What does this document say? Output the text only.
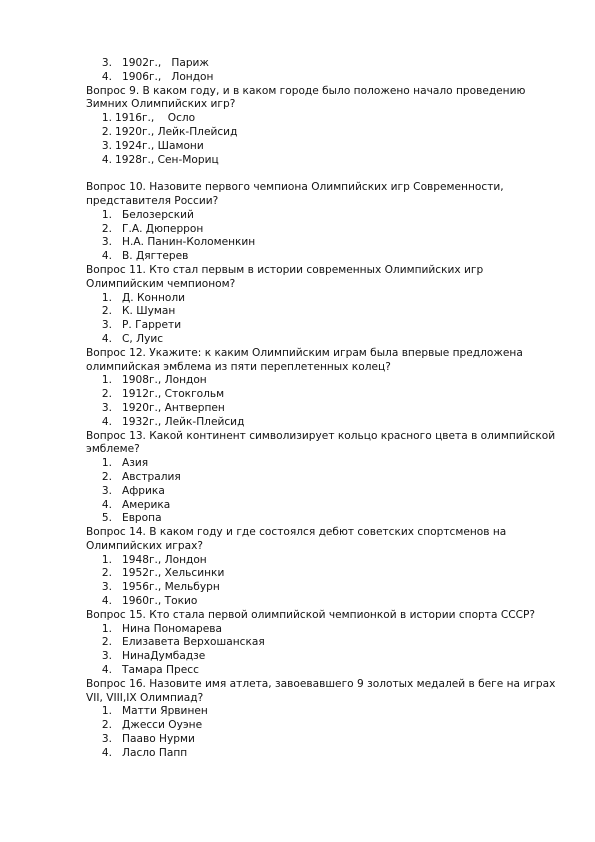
3. 1902г.,   Париж
4. 1906г.,   Лондон

Вопрос 9. В каком году, и в каком городе было положено начало проведению Зимних Олимпийских игр?

1. 1916г.,    Осло
2. 1920г., Лейк-Плейсид
3. 1924г., Шамони
4. 1928г., Сен-Мориц

Вопрос 10. Назовите первого чемпиона Олимпийских игр Современности, представителя России?

1. Белозерский
2. Г.А. Дюперрон
3. Н.А. Панин-Коломенкин
4. В. Дягтерев

Вопрос 11. Кто стал первым в истории современных Олимпийских игр Олимпийским чемпионом?

1. Д. Конноли
2. К. Шуман
3. Р. Гаррети
4. С, Луис

Вопрос 12. Укажите: к каким Олимпийским играм была впервые предложена олимпийская эмблема из пяти переплетенных колец?

1. 1908г., Лондон
2. 1912г., Стокгольм
3. 1920г., Антверпен
4. 1932г., Лейк-Плейсид

Вопрос 13. Какой континент символизирует кольцо красного цвета в олимпийской эмблеме?

1. Азия
2. Австралия
3. Африка
4. Америка
5. Европа

Вопрос 14. В каком году и где состоялся дебют советских спортсменов на Олимпийских играх?

1. 1948г., Лондон
2. 1952г., Хельсинки
3. 1956г., Мельбурн
4. 1960г., Токио

Вопрос 15. Кто стала первой олимпийской чемпионкой в истории спорта СССР?

1. Нина Пономарева
2. Елизавета Верхошанская
3. НинаДумбадзе
4. Тамара Пресс

Вопрос 16. Назовите имя атлета, завоевавшего 9 золотых медалей в беге на играх VII, VIII,IX Олимпиад?

1. Матти Ярвинен
2. Джесси Оуэне
3. Пааво Нурми
4. Ласло Папп
